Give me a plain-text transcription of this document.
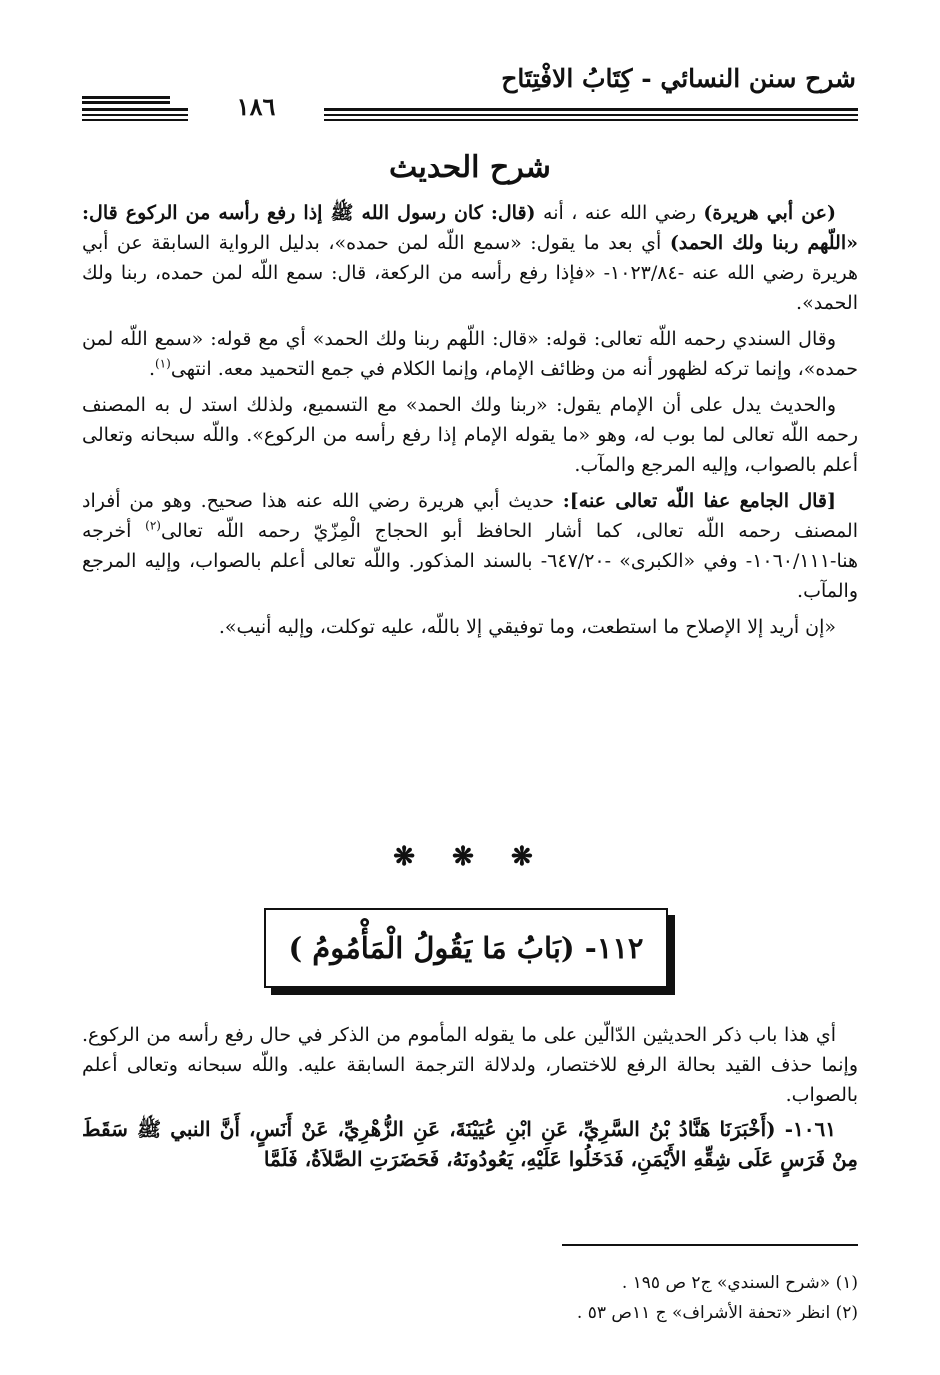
شرح سنن النسائي - كِتَابُ الافْتِتَاح
١٨٦
شرح الحديث

(عن أبي هريرة) رضي الله عنه ، أنه (قال: كان رسول الله ﷺ إذا رفع رأسه من الركوع قال: «اللّهم ربنا ولك الحمد) أي بعد ما يقول: «سمع اللّه لمن حمده»، بدليل الرواية السابقة عن أبي هريرة رضي الله عنه -١٠٢٣/٨٤- «فإذا رفع رأسه من الركعة، قال: سمع اللّه لمن حمده، ربنا ولك الحمد».

وقال السندي رحمه اللّه تعالى: قوله: «قال: اللّهم ربنا ولك الحمد» أي مع قوله: «سمع اللّه لمن حمده»، وإنما تركه لظهور أنه من وظائف الإمام، وإنما الكلام في جمع التحميد معه. انتهى$^{(١)}$.

والحديث يدل على أن الإمام يقول: «ربنا ولك الحمد» مع التسميع، ولذلك استد ل به المصنف رحمه اللّه تعالى لما بوب له، وهو «ما يقوله الإمام إذا رفع رأسه من الركوع». واللّه سبحانه وتعالى أعلم بالصواب، وإليه المرجع والمآب.

[قال الجامع عفا اللّه تعالى عنه]: حديث أبي هريرة رضي الله عنه هذا صحيح. وهو من أفراد المصنف رحمه اللّه تعالى، كما أشار الحافظ أبو الحجاج الْمِزّيّ رحمه اللّه تعالى$^{(٢)}$ أخرجه هنا-١٠٦٠/١١١- وفي «الكبرى» -٦٤٧/٢٠- بالسند المذكور. واللّه تعالى أعلم بالصواب، وإليه المرجع والمآب.

«إن أريد إلا الإصلاح ما استطعت، وما توفيقي إلا باللّه، عليه توكلت، وإليه أنيب».

❋ ❋ ❋
١١٢- (بَابُ مَا يَقُولُ الْمَأْمُومُ )

أي هذا باب ذكر الحديثين الدّالّين على ما يقوله المأموم من الذكر في حال رفع رأسه من الركوع. وإنما حذف القيد بحالة الرفع للاختصار، ولدلالة الترجمة السابقة عليه. واللّه سبحانه وتعالى أعلم بالصواب.

١٠٦١- (أَخْبَرَنَا هَنَّادُ بْنُ السَّرِيِّ، عَنِ ابْنِ عُيَيْنَةَ، عَنِ الزُّهْرِيِّ، عَنْ أَنَسٍ، أَنَّ النبي ﷺ سَقَطَ مِنْ فَرَسٍ عَلَى شِقِّهِ الأَيْمَنِ، فَدَخَلُوا عَلَيْهِ، يَعُودُونَهُ، فَحَضَرَتِ الصَّلاَةُ، فَلَمَّا

(١) «شرح السندي» ج٢ ص ١٩٥ .
(٢) انظر «تحفة الأشراف» ج ١١ص ٥٣ .
